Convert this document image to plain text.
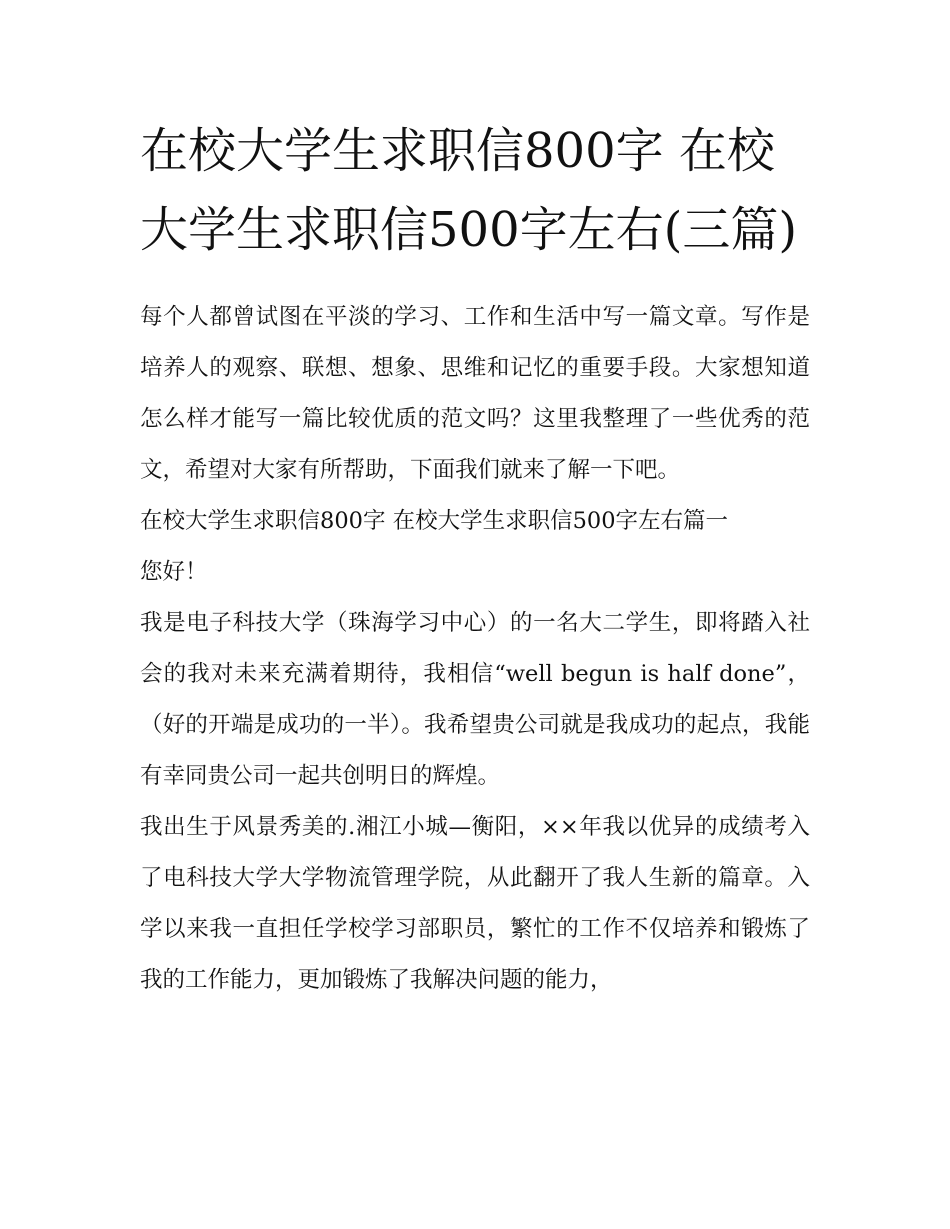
在校大学生求职信800字 在校大学生求职信500字左右(三篇)

每个人都曾试图在平淡的学习、工作和生活中写一篇文章。写作是培养人的观察、联想、想象、思维和记忆的重要手段。大家想知道怎么样才能写一篇比较优质的范文吗？这里我整理了一些优秀的范文，希望对大家有所帮助，下面我们就来了解一下吧。

在校大学生求职信800字 在校大学生求职信500字左右篇一

您好！

我是电子科技大学（珠海学习中心）的一名大二学生，即将踏入社会的我对未来充满着期待，我相信“well begun is half done”，（好的开端是成功的一半）。我希望贵公司就是我成功的起点，我能有幸同贵公司一起共创明日的辉煌。

我出生于风景秀美的.湘江小城—衡阳，××年我以优异的成绩考入了电科技大学大学物流管理学院，从此翻开了我人生新的篇章。入学以来我一直担任学校学习部职员，繁忙的工作不仅培养和锻炼了我的工作能力，更加锻炼了我解决问题的能力，
